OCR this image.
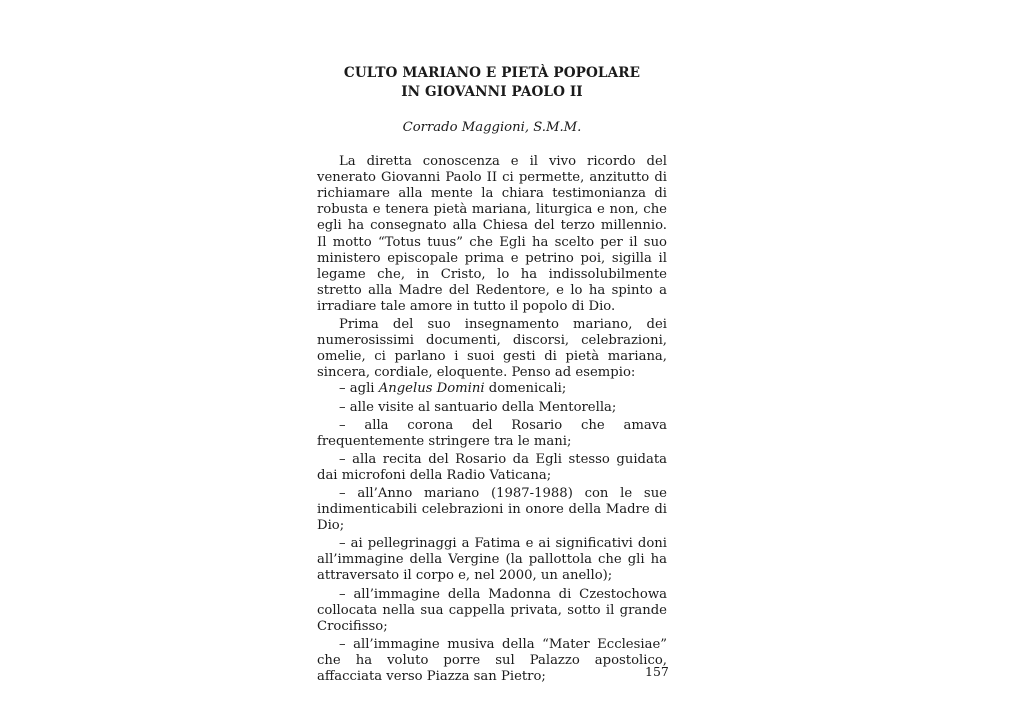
CULTO MARIANO E PIETÀ POPOLARE
IN GIOVANNI PAOLO II

Corrado Maggioni, S.M.M.

La diretta conoscenza e il vivo ricordo del venerato Giovanni Paolo II ci permette, anzitutto di richiamare alla mente la chiara testimonianza di robusta e tenera pietà mariana, liturgica e non, che egli ha consegnato alla Chiesa del terzo millennio. Il motto “Totus tuus” che Egli ha scelto per il suo ministero episcopale prima e petrino poi, sigilla il legame che, in Cristo, lo ha indissolubilmente stretto alla Madre del Redentore, e lo ha spinto a irradiare tale amore in tutto il popolo di Dio.

Prima del suo insegnamento mariano, dei numerosissimi documenti, discorsi, celebrazioni, omelie, ci parlano i suoi gesti di pietà mariana, sincera, cordiale, eloquente. Penso ad esempio:

– agli Angelus Domini domenicali;
– alle visite al santuario della Mentorella;
– alla corona del Rosario che amava frequentemente stringere tra le mani;
– alla recita del Rosario da Egli stesso guidata dai microfoni della Radio Vaticana;
– all’Anno mariano (1987-1988) con le sue indimenticabili celebrazioni in onore della Madre di Dio;
– ai pellegrinaggi a Fatima e ai significativi doni all’immagine della Vergine (la pallottola che gli ha attraversato il corpo e, nel 2000, un anello);
– all’immagine della Madonna di Czestochowa collocata nella sua cappella privata, sotto il grande Crocifisso;
– all’immagine musiva della “Mater Ecclesiae” che ha voluto porre sul Palazzo apostolico, affacciata verso Piazza san Pietro;	157
